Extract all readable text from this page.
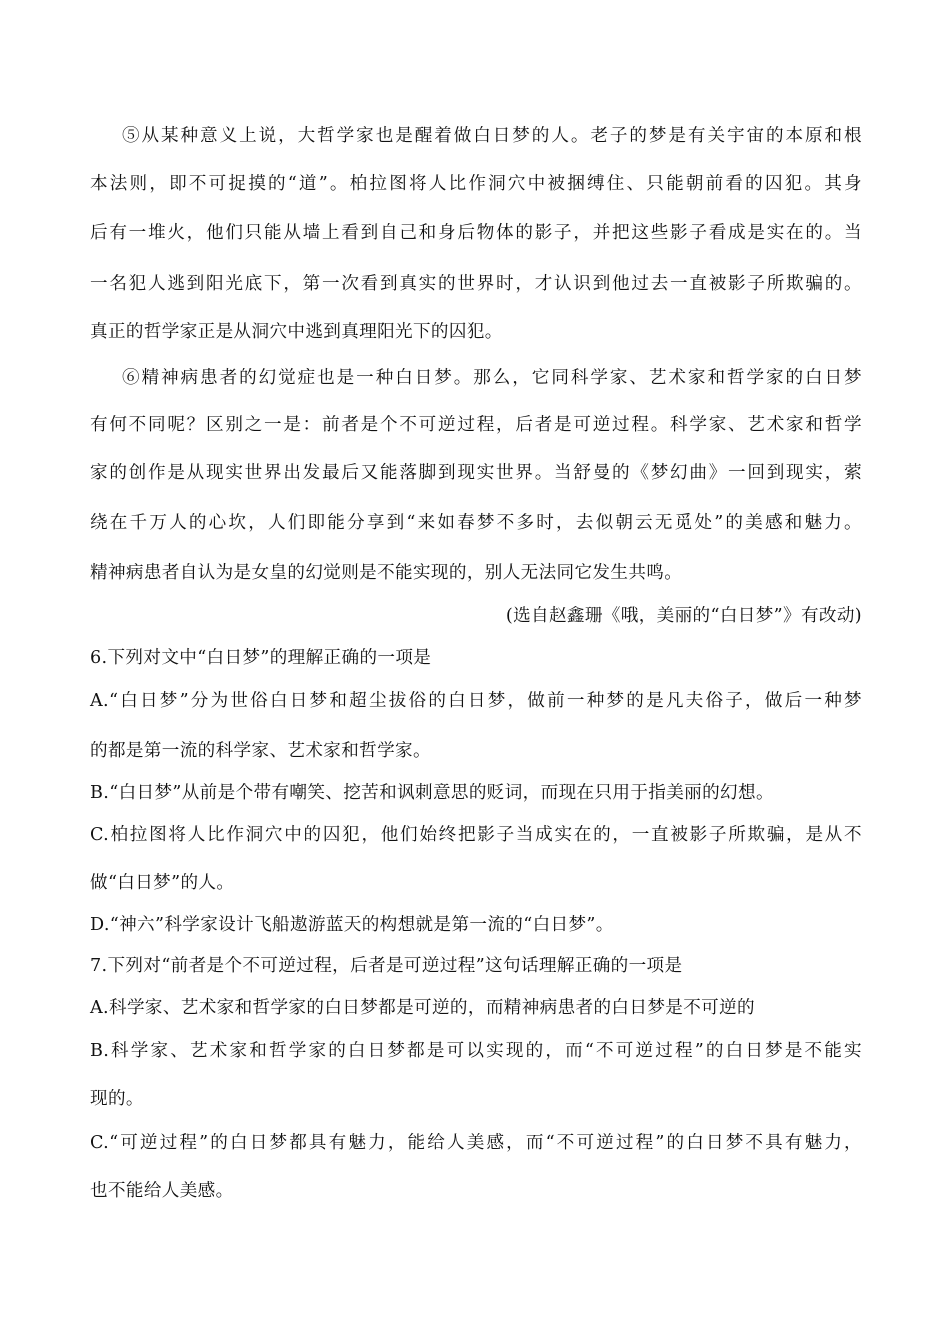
⑤从某种意义上说，大哲学家也是醒着做白日梦的人。老子的梦是有关宇宙的本原和根
本法则，即不可捉摸的“道”。柏拉图将人比作洞穴中被捆缚住、只能朝前看的囚犯。其身
后有一堆火，他们只能从墙上看到自己和身后物体的影子，并把这些影子看成是实在的。当
一名犯人逃到阳光底下，第一次看到真实的世界时，才认识到他过去一直被影子所欺骗的。
真正的哲学家正是从洞穴中逃到真理阳光下的囚犯。
⑥精神病患者的幻觉症也是一种白日梦。那么，它同科学家、艺术家和哲学家的白日梦
有何不同呢？区别之一是：前者是个不可逆过程，后者是可逆过程。科学家、艺术家和哲学
家的创作是从现实世界出发最后又能落脚到现实世界。当舒曼的《梦幻曲》一回到现实，萦
绕在千万人的心坎，人们即能分享到“来如春梦不多时，去似朝云无觅处”的美感和魅力。
精神病患者自认为是女皇的幻觉则是不能实现的，别人无法同它发生共鸣。
(选自赵鑫珊《哦，美丽的“白日梦”》有改动)
6.下列对文中“白日梦”的理解正确的一项是
A.“白日梦”分为世俗白日梦和超尘拔俗的白日梦，做前一种梦的是凡夫俗子，做后一种梦
的都是第一流的科学家、艺术家和哲学家。
B.“白日梦”从前是个带有嘲笑、挖苦和讽刺意思的贬词，而现在只用于指美丽的幻想。
C.柏拉图将人比作洞穴中的囚犯，他们始终把影子当成实在的，一直被影子所欺骗，是从不
做“白日梦”的人。
D.“神六”科学家设计飞船遨游蓝天的构想就是第一流的“白日梦”。
7.下列对“前者是个不可逆过程，后者是可逆过程”这句话理解正确的一项是
A.科学家、艺术家和哲学家的白日梦都是可逆的，而精神病患者的白日梦是不可逆的
B.科学家、艺术家和哲学家的白日梦都是可以实现的，而“不可逆过程”的白日梦是不能实
现的。
C.“可逆过程”的白日梦都具有魅力，能给人美感，而“不可逆过程”的白日梦不具有魅力，
也不能给人美感。
